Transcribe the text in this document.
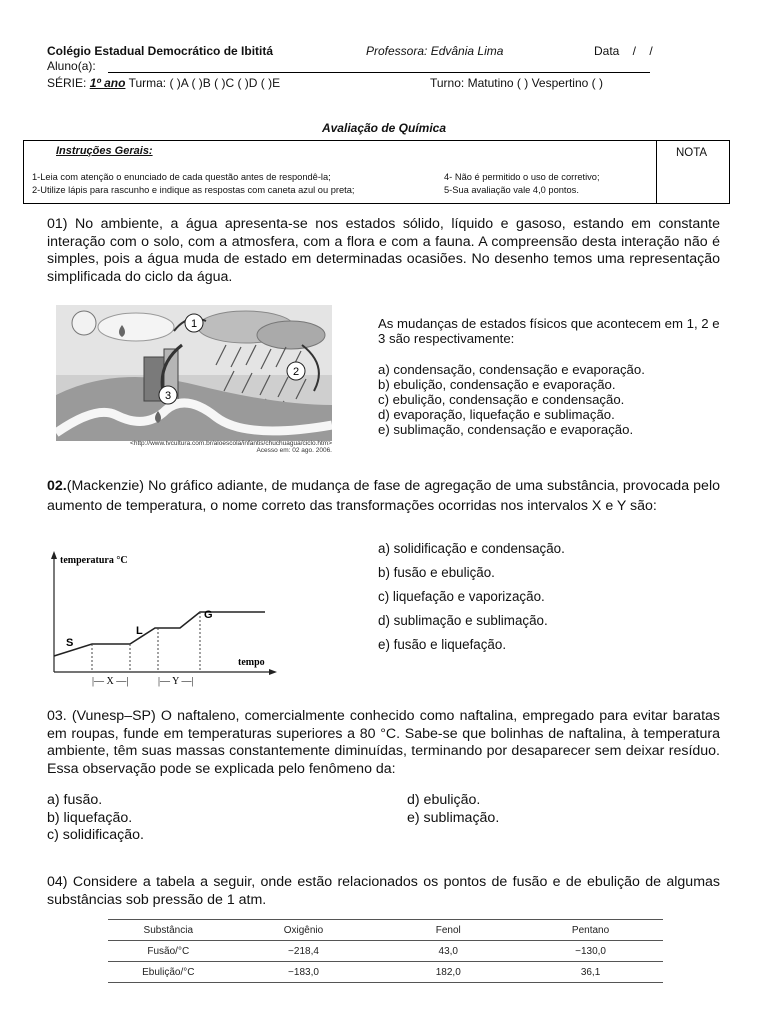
Colégio Estadual Democrático de Ibititá	Professora: Edvânia Lima	Data    /    /
Aluno(a):
SÉRIE: 1º ano Turma: ( )A ( )B ( )C ( )D ( )E	Turno: Matutino ( ) Vespertino ( )
Avaliação de Química
Instruções Gerais:
1-Leia com atenção o enunciado de cada questão antes de respondê-la;
2-Utilize lápis para rascunho e indique as respostas com caneta azul ou preta;
4- Não é permitido o uso de corretivo;
5-Sua avaliação vale 4,0 pontos.
NOTA
01) No ambiente, a água apresenta-se nos estados sólido, líquido e gasoso, estando em constante interação com o solo, com a atmosfera, com a flora e com a fauna. A compreensão desta interação não é simples, pois a água muda de estado em determinadas ocasiões. No desenho temos uma representação simplificada do ciclo da água.
1
2
3
<http://www.tvcultura.com.br/aloescola/infantis/chuchuagua/ciclo.htm>
Acesso em: 02 ago. 2006.
As mudanças de estados físicos que acontecem em 1, 2 e 3 são respectivamente:
a) condensação, condensação e evaporação.
b) ebulição, condensação e evaporação.
c) ebulição, condensação e condensação.
d) evaporação, liquefação e sublimação.
e) sublimação, condensação e evaporação.
02.(Mackenzie) No gráfico adiante, de mudança de fase de agregação de uma substância, provocada pelo aumento de temperatura, o nome correto das transformações ocorridas nos intervalos X e Y são:
temperatura °C
tempo
S
L
G
|— X —|	|— Y —|
a) solidificação e condensação.
b) fusão e ebulição.
c) liquefação e vaporização.
d) sublimação e sublimação.
e) fusão e liquefação.
03. (Vunesp–SP) O naftaleno, comercialmente conhecido como naftalina, empregado para evitar baratas em roupas, funde em temperaturas superiores a 80 °C. Sabe-se que bolinhas de naftalina, à temperatura ambiente, têm suas massas constantemente diminuídas, terminando por desaparecer sem deixar resíduo. Essa observação pode se explicada pelo fenômeno da:
a) fusão.
b) liquefação.
c) solidificação.
d) ebulição.
e) sublimação.
04) Considere a tabela a seguir, onde estão relacionados os pontos de fusão e de ebulição de algumas substâncias sob pressão de 1 atm.
Substância	Oxigênio	Fenol	Pentano
Fusão/°C	−218,4	43,0	−130,0
Ebulição/°C	−183,0	182,0	36,1
